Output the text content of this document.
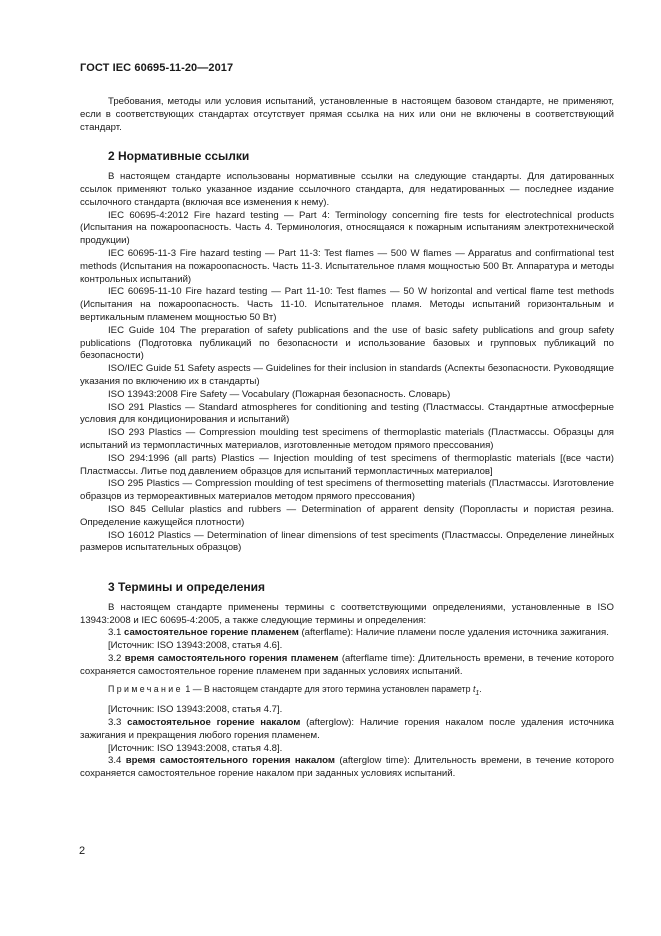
ГОСТ IEC 60695-11-20—2017

Требования, методы или условия испытаний, установленные в настоящем базовом стандарте, не применяют, если в соответствующих стандартах отсутствует прямая ссылка на них или они не включены в соответствующий стандарт.

2 Нормативные ссылки

В настоящем стандарте использованы нормативные ссылки на следующие стандарты. Для датированных ссылок применяют только указанное издание ссылочного стандарта, для недатированных — последнее издание ссылочного стандарта (включая все изменения к нему).

IEC 60695-4:2012 Fire hazard testing — Part 4: Terminology concerning fire tests for electrotechnical products (Испытания на пожароопасность. Часть 4. Терминология, относящаяся к пожарным испытаниям электротехнической продукции)

IEC 60695-11-3 Fire hazard testing — Part 11-3: Test flames — 500 W flames — Apparatus and confirmational test methods (Испытания на пожароопасность. Часть 11-3. Испытательное пламя мощностью 500 Вт. Аппаратура и методы контрольных испытаний)

IEC 60695-11-10 Fire hazard testing — Part 11-10: Test flames — 50 W horizontal and vertical flame test methods (Испытания на пожароопасность. Часть 11-10. Испытательное пламя. Методы испытаний горизонтальным и вертикальным пламенем мощностью 50 Вт)

IEC Guide 104 The preparation of safety publications and the use of basic safety publications and group safety publications (Подготовка публикаций по безопасности и использование базовых и групповых публикаций по безопасности)

ISO/IEC Guide 51 Safety aspects — Guidelines for their inclusion in standards (Аспекты безопасности. Руководящие указания по включению их в стандарты)

ISO 13943:2008 Fire Safety — Vocabulary (Пожарная безопасность. Словарь)

ISO 291 Plastics — Standard atmospheres for conditioning and testing (Пластмассы. Стандартные атмосферные условия для кондиционирования и испытаний)

ISO 293 Plastics — Compression moulding test specimens of thermoplastic materials (Пластмассы. Образцы для испытаний из термопластичных материалов, изготовленные методом прямого прессования)

ISO 294:1996 (all parts) Plastics — Injection moulding of test specimens of thermoplastic materials [(все части) Пластмассы. Литье под давлением образцов для испытаний термопластичных материалов]

ISO 295 Plastics — Compression moulding of test specimens of thermosetting materials (Пластмассы. Изготовление образцов из термореактивных материалов методом прямого прессования)

ISO 845 Cellular plastics and rubbers — Determination of apparent density (Поропласты и пористая резина. Определение кажущейся плотности)

ISO 16012 Plastics — Determination of linear dimensions of test speciments (Пластмассы. Определение линейных размеров испытательных образцов)

3 Термины и определения

В настоящем стандарте применены термины с соответствующими определениями, установленные в ISO 13943:2008 и IEC 60695-4:2005, а также следующие термины и определения:

3.1 самостоятельное горение пламенем (afterflame): Наличие пламени после удаления источника зажигания.

[Источник: ISO 13943:2008, статья 4.6].

3.2 время самостоятельного горения пламенем (afterflame time): Длительность времени, в течение которого сохраняется самостоятельное горение пламенем при заданных условиях испытаний.

Примечание 1 — В настоящем стандарте для этого термина установлен параметр $t_1$.

[Источник: ISO 13943:2008, статья 4.7].

3.3 самостоятельное горение накалом (afterglow): Наличие горения накалом после удаления источника зажигания и прекращения любого горения пламенем.

[Источник: ISO 13943:2008, статья 4.8].

3.4 время самостоятельного горения накалом (afterglow time): Длительность времени, в течение которого сохраняется самостоятельное горение накалом при заданных условиях испытаний.

2
